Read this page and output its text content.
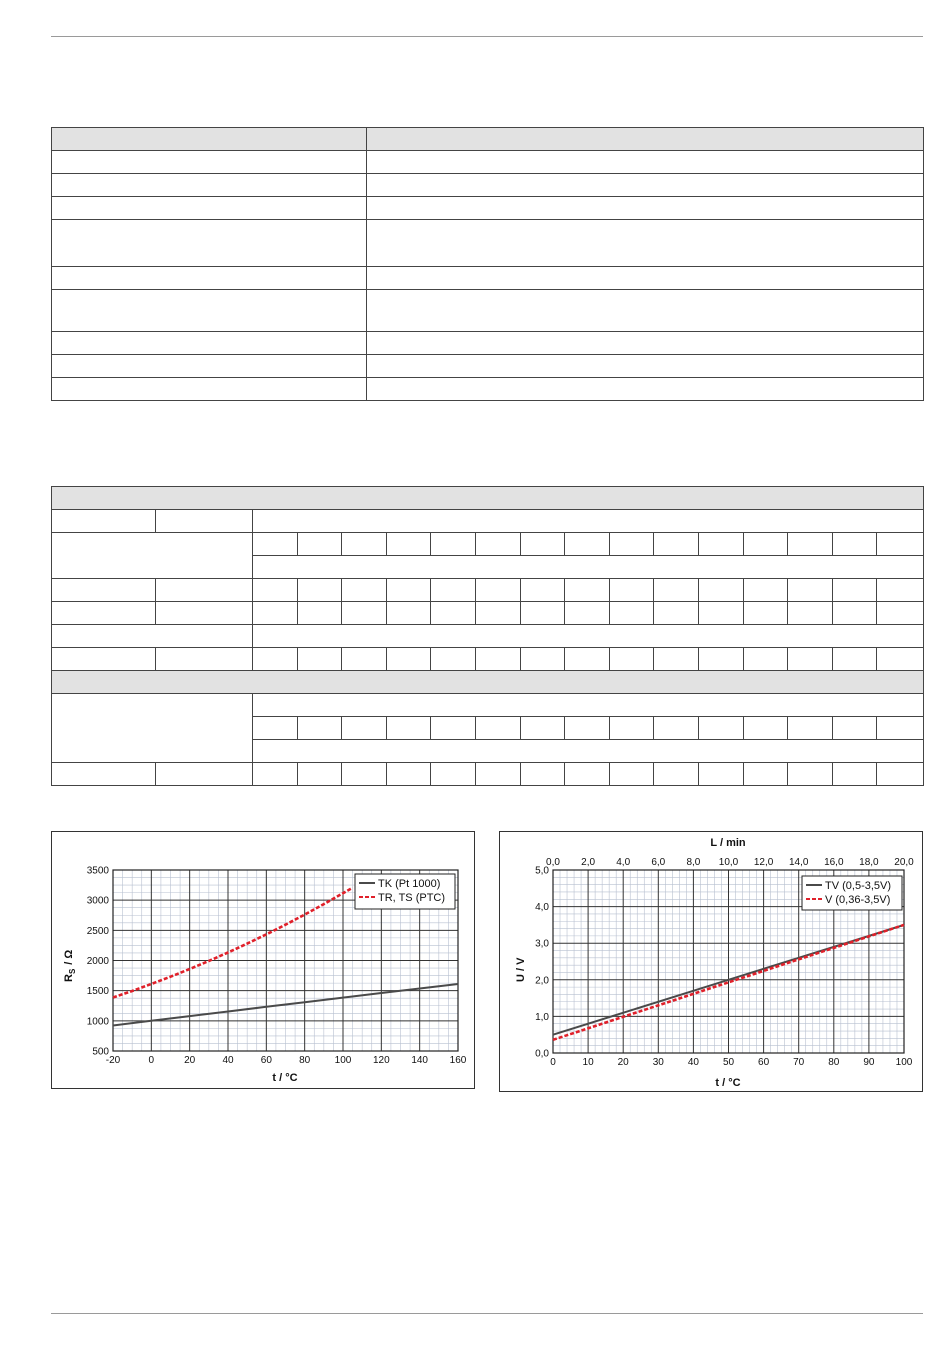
-20	0	20	40	60	80 100 120 140 160
500
1000
1500
2000
2500
3000
3500
TK (Pt 1000)
TR, TS (PTC)
$R_S/$ Ω
t / °C
0	10 20 30 40 50 60 70 80 90 100
0,0
1,0
2,0
3,0
4,0
5,0
0,0 2,0 4,0 6,0 8,0 10,0 12,0 14,0 16,0 18,0 20,0
TV (0,5-3,5V)
V (0,36-3,5V)
L / min
U / V
t / °C
